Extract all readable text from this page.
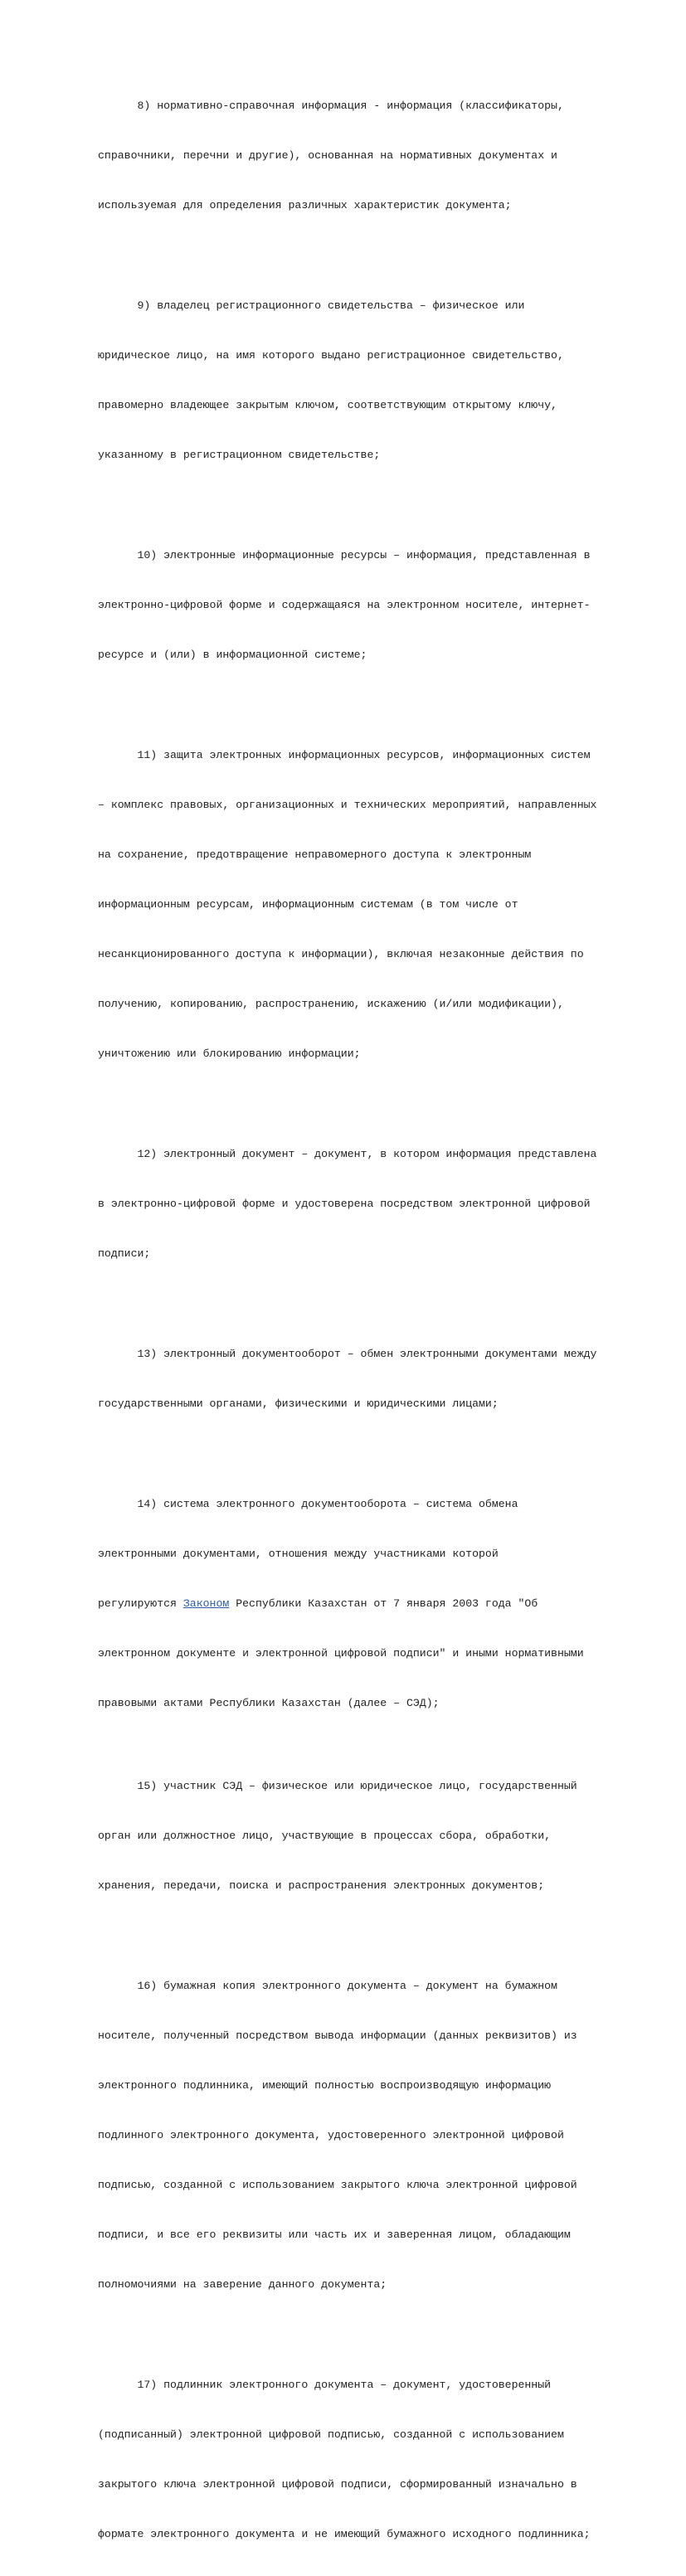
8) нормативно-справочная информация - информация (классификаторы,

справочники, перечни и другие), основанная на нормативных документах и

используемая для определения различных характеристик документа;

9) владелец регистрационного свидетельства – физическое или

юридическое лицо, на имя которого выдано регистрационное свидетельство,

правомерно владеющее закрытым ключом, соответствующим открытому ключу,

указанному в регистрационном свидетельстве;

10) электронные информационные ресурсы – информация, представленная в

электронно-цифровой форме и содержащаяся на электронном носителе, интернет-

ресурсе и (или) в информационной системе;

11) защита электронных информационных ресурсов, информационных систем

– комплекс правовых, организационных и технических мероприятий, направленных

на сохранение, предотвращение неправомерного доступа к электронным

информационным ресурсам, информационным системам (в том числе от

несанкционированного доступа к информации), включая незаконные действия по

получению, копированию, распространению, искажению (и/или модификации),

уничтожению или блокированию информации;

12) электронный документ – документ, в котором информация представлена

в электронно-цифровой форме и удостоверена посредством электронной цифровой

подписи;

13) электронный документооборот – обмен электронными документами между

государственными органами, физическими и юридическими лицами;

14) система электронного документооборота – система обмена

электронными документами, отношения между участниками которой

регулируются Законом Республики Казахстан от 7 января 2003 года "Об

электронном документе и электронной цифровой подписи" и иными нормативными

правовыми актами Республики Казахстан (далее – СЭД);

15) участник СЭД – физическое или юридическое лицо, государственный

орган или должностное лицо, участвующие в процессах сбора, обработки,

хранения, передачи, поиска и распространения электронных документов;

16) бумажная копия электронного документа – документ на бумажном

носителе, полученный посредством вывода информации (данных реквизитов) из

электронного подлинника, имеющий полностью воспроизводящую информацию

подлинного электронного документа, удостоверенного электронной цифровой

подписью, созданной с использованием закрытого ключа электронной цифровой

подписи, и все его реквизиты или часть их и заверенная лицом, обладающим

полномочиями на заверение данного документа;

17) подлинник электронного документа – документ, удостоверенный

(подписанный) электронной цифровой подписью, созданной с использованием

закрытого ключа электронной цифровой подписи, сформированный изначально в

формате электронного документа и не имеющий бумажного исходного подлинника;
